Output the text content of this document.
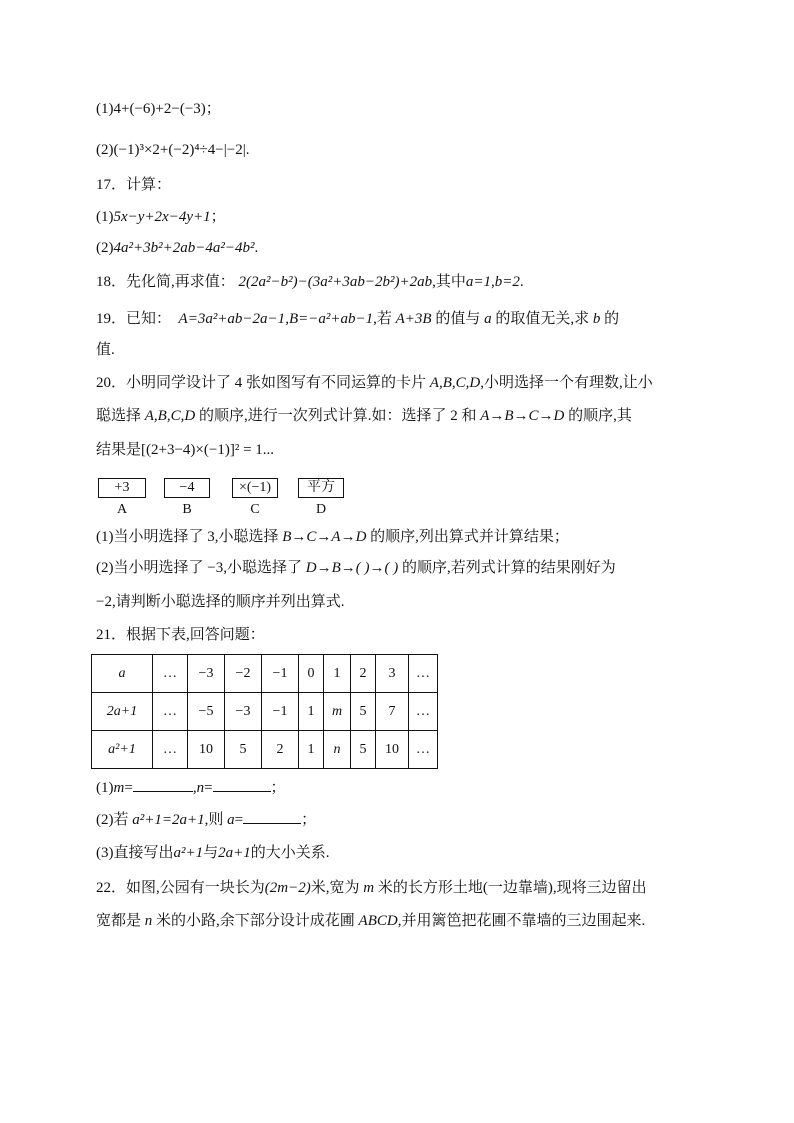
(1)4+(−6)+2−(−3)；
(2)(−1)³×2+(−2)⁴÷4−|−2|.
17．计算：
(1)5x−y+2x−4y+1；
(2)4a²+3b²+2ab−4a²−4b².
18．先化简,再求值： 2(2a²−b²)−(3a²+3ab−2b²)+2ab,其中a=1,b=2.
19．已知： A=3a²+ab−2a−1,B=−a²+ab−1,若 A+3B 的值与 a 的取值无关,求 b 的
值.
20．小明同学设计了 4 张如图写有不同运算的卡片 A,B,C,D,小明选择一个有理数,让小
聪选择 A,B,C,D 的顺序,进行一次列式计算.如：选择了 2 和 A→B→C→D 的顺序,其
结果是[(2+3−4)×(−1)]² = 1...
+3
A
−4
B
×(−1)
C
平方
D
(1)当小明选择了 3,小聪选择 B→C→A→D 的顺序,列出算式并计算结果；
(2)当小明选择了 −3,小聪选择了 D→B→( )→( ) 的顺序,若列式计算的结果刚好为
−2,请判断小聪选择的顺序并列出算式.
21．根据下表,回答问题：
a	…	−3	−2	−1	0	1	2	3	…
2a+1	…	−5	−3	−1	1	m	5	7	…
a²+1	…	10	5	2	1	n	5	10	…
(1)m=	,n=	；
(2)若 a²+1=2a+1,则 a=	；
(3)直接写出a²+1与2a+1的大小关系.
22．如图,公园有一块长为(2m−2)米,宽为 m 米的长方形土地(一边靠墙),现将三边留出
宽都是 n 米的小路,余下部分设计成花圃 ABCD,并用篱笆把花圃不靠墙的三边围起来.
